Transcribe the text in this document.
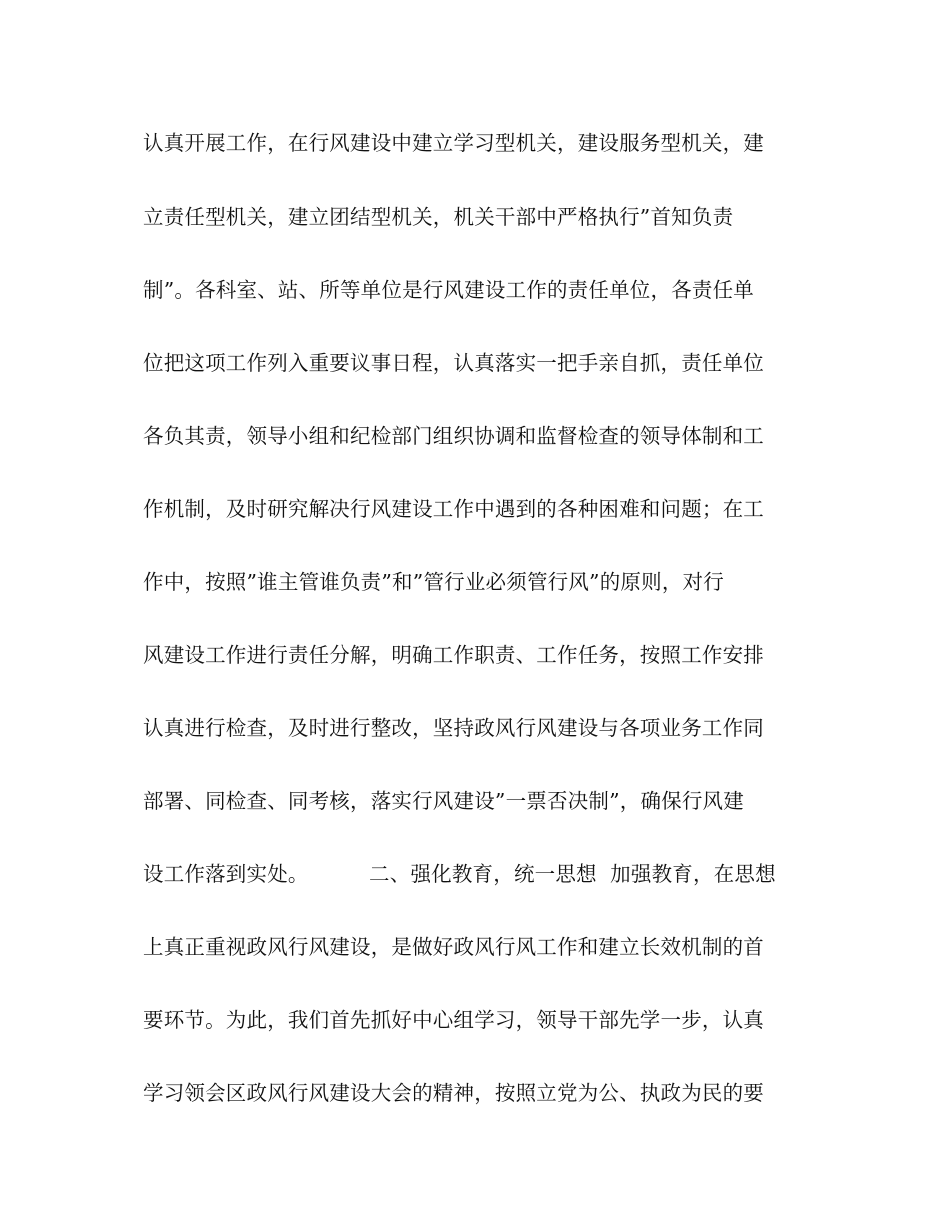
认真开展工作，在行风建设中建立学习型机关，建设服务型机关，建
立责任型机关，建立团结型机关，机关干部中严格执行”首知负责
制”。各科室、站、所等单位是行风建设工作的责任单位，各责任单
位把这项工作列入重要议事日程，认真落实一把手亲自抓，责任单位
各负其责，领导小组和纪检部门组织协调和监督检查的领导体制和工
作机制，及时研究解决行风建设工作中遇到的各种困难和问题；在工
作中，按照”谁主管谁负责”和”管行业必须管行风”的原则，对行
风建设工作进行责任分解，明确工作职责、工作任务，按照工作安排
认真进行检查，及时进行整改，坚持政风行风建设与各项业务工作同
部署、同检查、同考核，落实行风建设”一票否决制”，确保行风建
设工作落到实处。         二、强化教育，统一思想  加强教育，在思想
上真正重视政风行风建设，是做好政风行风工作和建立长效机制的首
要环节。为此，我们首先抓好中心组学习，领导干部先学一步，认真
学习领会区政风行风建设大会的精神，按照立党为公、执政为民的要
